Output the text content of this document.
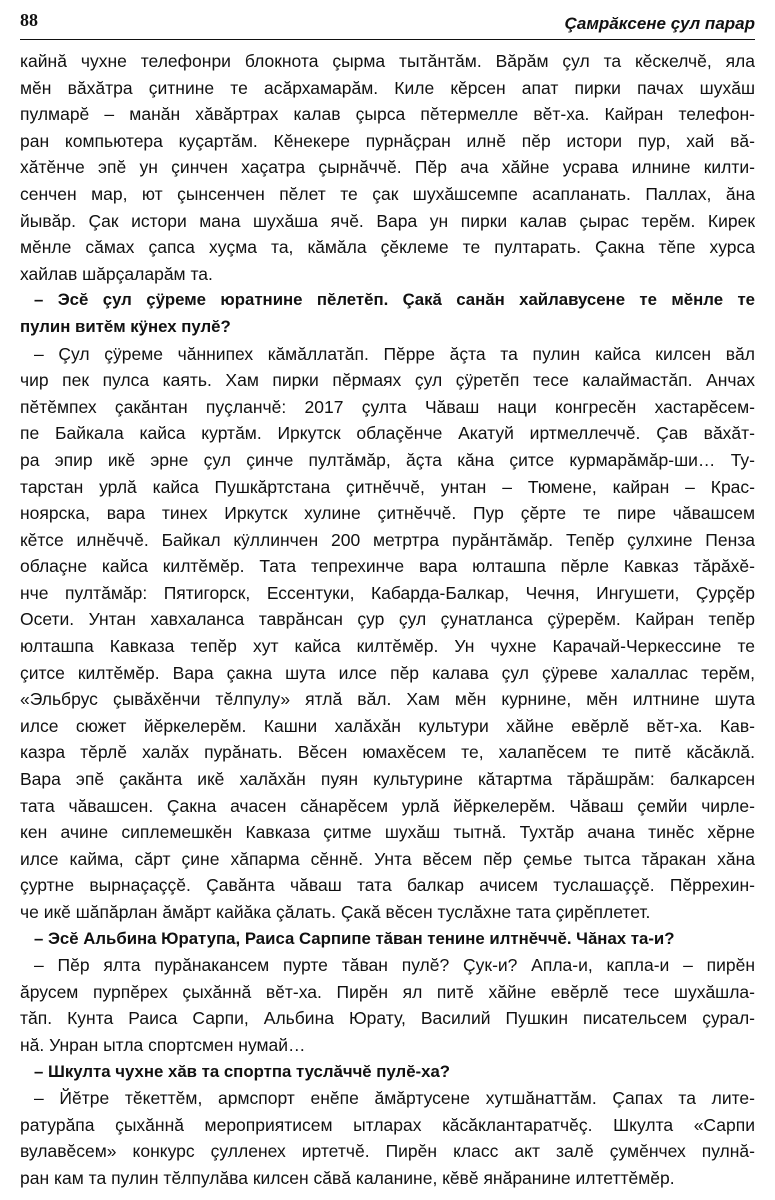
88	Çамрăксене çул парар
кайнă чухне телефонри блокнота çырма тытăнтăм. Вăрăм çул та кĕскелчĕ, яла
мĕн вăхăтра çитнине те асăрхамарăм. Киле кĕрсен апат пирки пачах шухăш
пулмарĕ – манăн хăвăртрах калав çырса пĕтермелле вĕт-ха. Кайран телефон-
ран компьютера куçартăм. Кĕнекере пурнăçран илнĕ пĕр истори пур, хай вă-
хăтĕнче эпĕ ун çинчен хаçатра çырнăччĕ. Пĕр ача хăйне усрава илнине килти-
сенчен мар, ют çынсенчен пĕлет те çак шухăшсемпе асапланать. Паллах, ăна
йывăр. Çак истори мана шухăша ячĕ. Вара ун пирки калав çырас терĕм. Кирек
мĕнле сăмах çапса хуçма та, кăмăла çĕклеме те пултарать. Çакна тĕпе хурса
хайлав шăрçаларăм та.
– Эсĕ çул çÿреме юратнине пĕлетĕп. Çакă санăн хайлавусене те мĕнле те
пулин витĕм кÿнех пулĕ?
– Çул çÿреме чăннипех кăмăллатăп. Пĕрре ăçта та пулин кайса килсен вăл
чир пек пулса каять. Хам пирки пĕрмаях çул çÿретĕп тесе калаймастăп. Анчах
пĕтĕмпех çакăнтан пуçланчĕ: 2017 çулта Чăваш наци конгресĕн хастарĕсем-
пе Байкала кайса куртăм. Иркутск облаçĕнче Акатуй иртмеллеччĕ. Çав вăхăт-
ра эпир икĕ эрне çул çинче пултăмăр, ăçта кăна çитсе курмарăмăр-ши… Ту-
тарстан урлă кайса Пушкăртстана çитнĕччĕ, унтан – Тюмене, кайран – Крас-
ноярска, вара тинех Иркутск хулине çитнĕччĕ. Пур çĕрте те пире чăвашсем
кĕтсе илнĕччĕ. Байкал кÿллинчен 200 метртра пурăнтăмăр. Тепĕр çулхине Пенза
облаçне кайса килтĕмĕр. Тата тепрехинче вара юлташпа пĕрле Кавказ тăрăхĕ-
нче пултăмăр: Пятигорск, Ессентуки, Кабарда-Балкар, Чечня, Ингушети, Çурçĕр
Осети. Унтан хавхаланса таврăнсан çур çул çунатланса çÿрерĕм. Кайран тепĕр
юлташпа Кавказа тепĕр хут кайса килтĕмĕр. Ун чухне Карачай-Черкессине те
çитсе килтĕмĕр. Вара çакна шута илсе пĕр калава çул çÿреве халаллас терĕм,
«Эльбрус çывăхĕнчи тĕлпулу» ятлă вăл. Хам мĕн курнине, мĕн илтнине шута
илсе сюжет йĕркелерĕм. Кашни халăхăн культури хăйне евĕрлĕ вĕт-ха. Кав-
казра тĕрлĕ халăх пурăнать. Вĕсен юмахĕсем те, халапĕсем те питĕ кăсăклă.
Вара эпĕ çакăнта икĕ халăхăн пуян культурине кăтартма тăрăшрăм: балкарсен
тата чăвашсен. Çакна ачасен сăнарĕсем урлă йĕркелерĕм. Чăваш çемйи чирле-
кен ачине сиплемешкĕн Кавказа çитме шухăш тытнă. Тухтăр ачана тинĕс хĕрне
илсе кайма, сăрт çине хăпарма сĕннĕ. Унта вĕсем пĕр çемье тытса тăракан хăна
çуртне вырнаçаççĕ. Çавăнта чăваш тата балкар ачисем туслашаççĕ. Пĕррехин-
че икĕ шăпăрлан ăмăрт кайăка çăлать. Çакă вĕсен туслăхне тата çирĕплетет.
– Эсĕ Альбина Юратупа, Раиса Сарпипе тăван тенине илтнĕччĕ. Чăнах та-и?
– Пĕр ялта пурăнакансем пурте тăван пулĕ? Çук-и? Апла-и, капла-и – пирĕн
ăрусем пурпĕрех çыхăннă вĕт-ха. Пирĕн ял питĕ хăйне евĕрлĕ тесе шухăшла-
тăп. Кунта Раиса Сарпи, Альбина Юрату, Василий Пушкин писательсем çурал-
нă. Унран ытла спортсмен нумай…
– Шкулта чухне хăв та спортпа туслăччĕ пулĕ-ха?
– Йĕтре тĕкеттĕм, армспорт енĕпе ăмăртусене хутшăнаттăм. Çапах та лите-
ратурăпа çыхăннă мероприятисем ытларах кăсăклантаратчĕç. Шкулта «Сарпи
вулавĕсем» конкурс çулленех иртетчĕ. Пирĕн класс акт залĕ çумĕнчех пулнă-
ран кам та пулин тĕлпулăва килсен сăвă каланине, кĕвĕ янăранине илтеттĕмĕр.
